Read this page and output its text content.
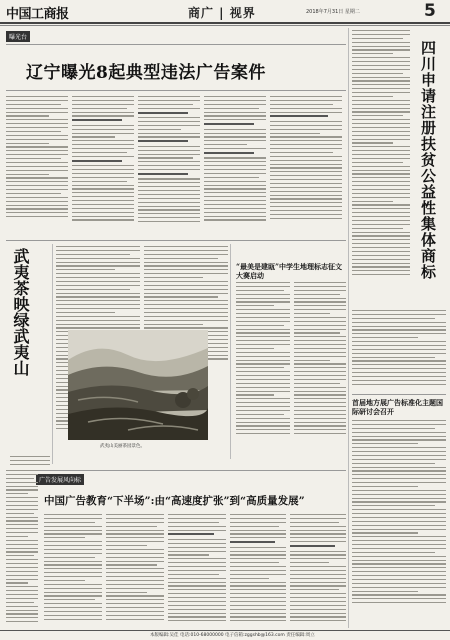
中国工商报	商广 | 视界	2018年7月31日 星期二	5
曝光台
辽宁曝光8起典型违法广告案件	四川申请注册扶贫公益性集体商标
首届地方展广告标准化主题国际研讨会召开
武夷茶映绿武夷山
武夷山美丽茶园景色。
“最美是建瓯”中学生地理标志征文大赛启动
广告发展风向标
中国广告教育“下半场”:由“高速度扩张”到“高质量发展”
本版编辑:吴佳 电话:010-68000000 电子信箱:zggshb@163.com 责任编辑:周立
